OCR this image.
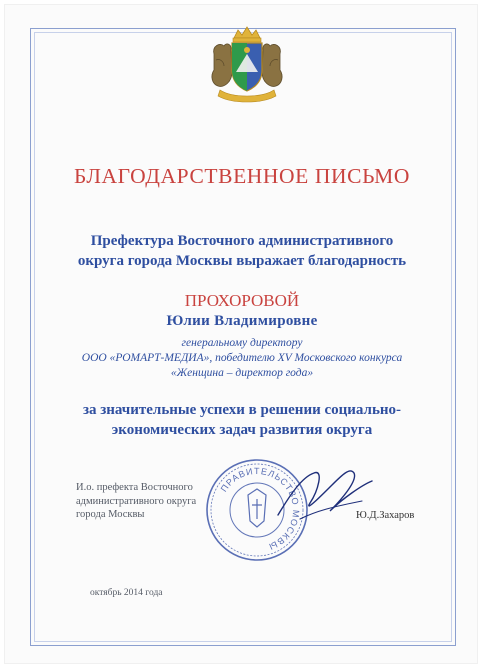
БЛАГОДАРСТВЕННОЕ ПИСЬМО
Префектура Восточного административного
округа города Москвы выражает благодарность
ПРОХОРОВОЙ
Юлии Владимировне
генеральному директору
ООО «РОМАРТ-МЕДИА», победителю XV Московского конкурса
«Женщина – директор года»
за значительные успехи в решении социально-
экономических задач развития округа
И.о. префекта Восточного
административного округа
города Москвы
ПРАВИТЕЛЬСТВО МОСКВЫ
Ю.Д.Захаров
октябрь 2014 года
